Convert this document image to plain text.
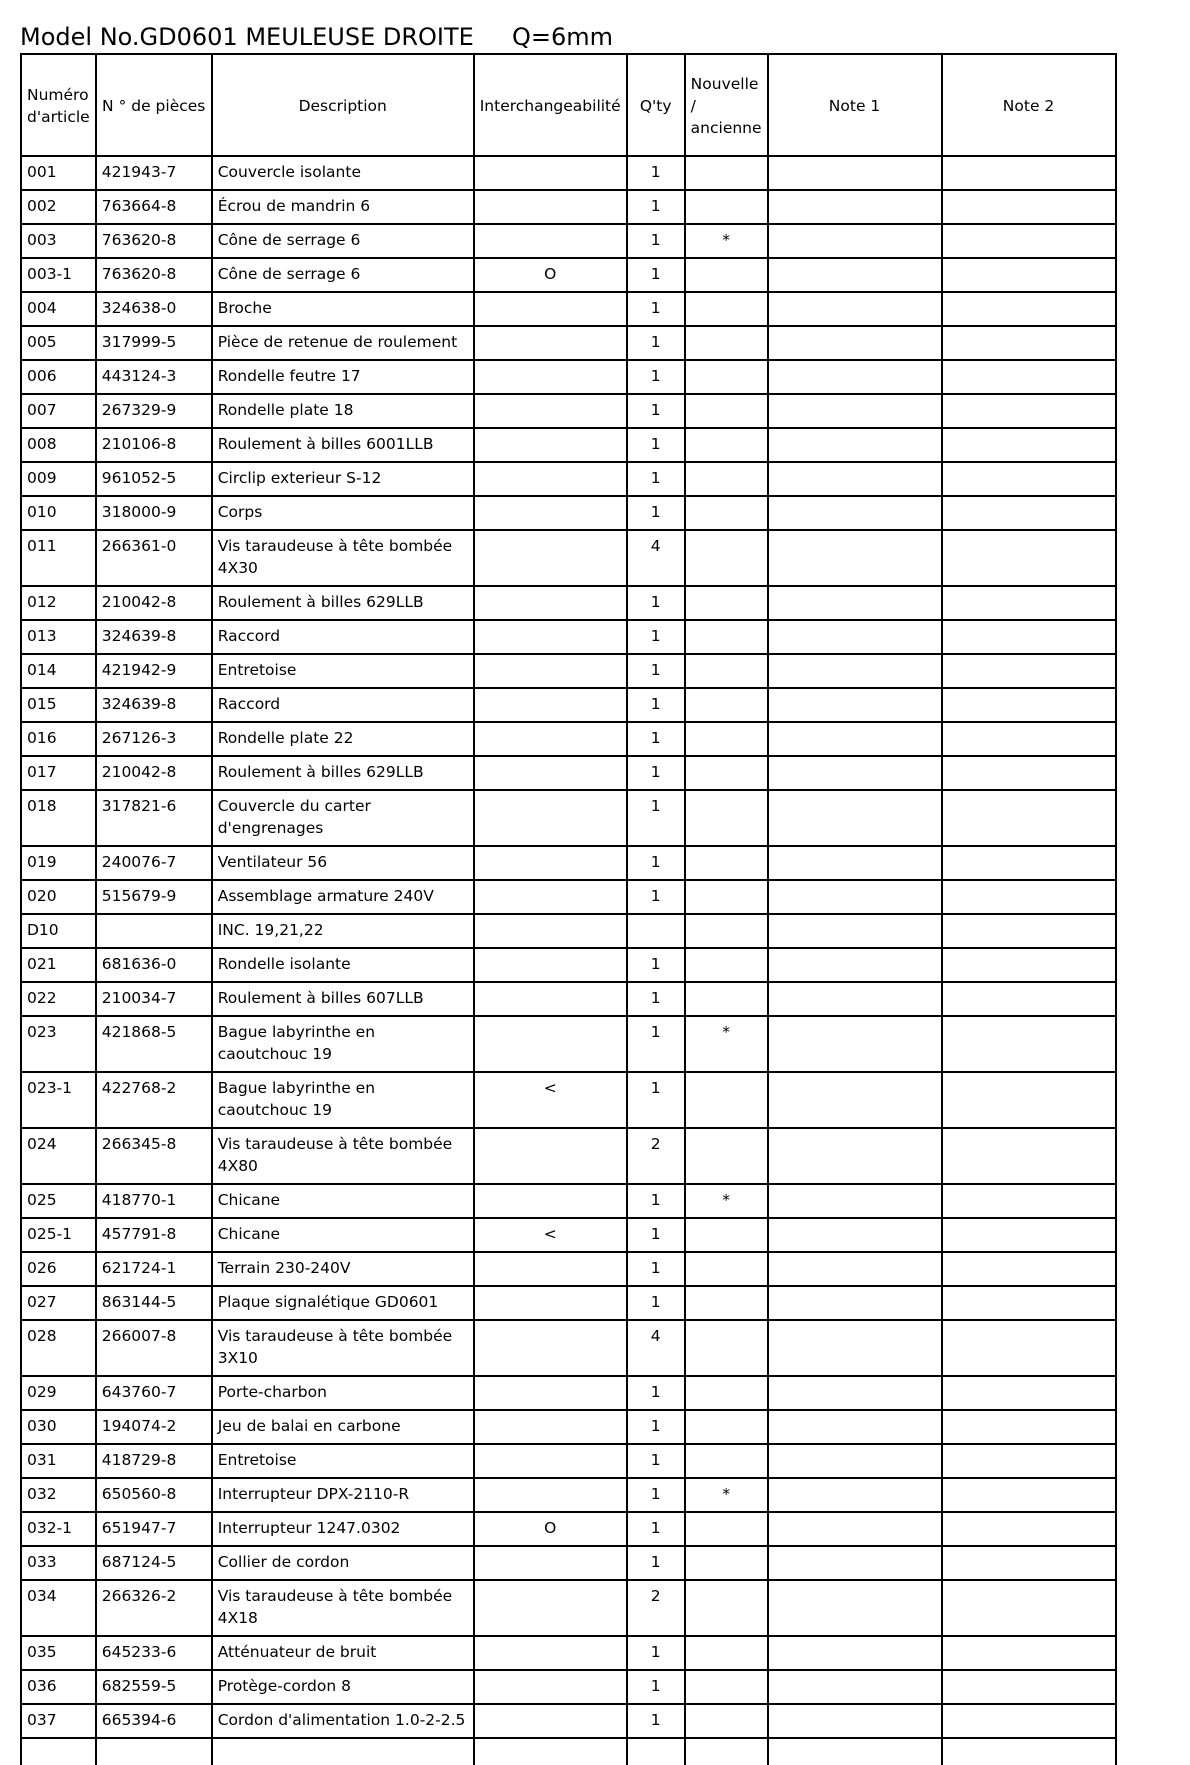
Model No.GD0601 MEULEUSE DROITE     Q=6mm
Numéro d'article	N ° de pièces	Description	Interchangeabilité	Q'ty	Nouvelle / ancienne	Note 1	Note 2
001	421943-7	Couvercle isolante		1			
002	763664-8	Écrou de mandrin 6		1			
003	763620-8	Cône de serrage 6		1	*		
003-1	763620-8	Cône de serrage 6	O	1			
004	324638-0	Broche		1			
005	317999-5	Pièce de retenue de roulement		1			
006	443124-3	Rondelle feutre 17		1			
007	267329-9	Rondelle plate 18		1			
008	210106-8	Roulement à billes 6001LLB		1			
009	961052-5	Circlip exterieur S-12		1			
010	318000-9	Corps		1			
011	266361-0	Vis taraudeuse à tête bombée 4X30		4			
012	210042-8	Roulement à billes 629LLB		1			
013	324639-8	Raccord		1			
014	421942-9	Entretoise		1			
015	324639-8	Raccord		1			
016	267126-3	Rondelle plate 22		1			
017	210042-8	Roulement à billes 629LLB		1			
018	317821-6	Couvercle du carter d'engrenages		1			
019	240076-7	Ventilateur 56		1			
020	515679-9	Assemblage armature 240V		1			
D10		INC. 19,21,22					
021	681636-0	Rondelle isolante		1			
022	210034-7	Roulement à billes 607LLB		1			
023	421868-5	Bague labyrinthe en caoutchouc 19		1	*		
023-1	422768-2	Bague labyrinthe en caoutchouc 19	<	1			
024	266345-8	Vis taraudeuse à tête bombée 4X80		2			
025	418770-1	Chicane		1	*		
025-1	457791-8	Chicane	<	1			
026	621724-1	Terrain 230-240V		1			
027	863144-5	Plaque signalétique GD0601		1			
028	266007-8	Vis taraudeuse à tête bombée 3X10		4			
029	643760-7	Porte-charbon		1			
030	194074-2	Jeu de balai en carbone		1			
031	418729-8	Entretoise		1			
032	650560-8	Interrupteur DPX-2110-R		1	*		
032-1	651947-7	Interrupteur 1247.0302	O	1			
033	687124-5	Collier de cordon		1			
034	266326-2	Vis taraudeuse à tête bombée 4X18		2			
035	645233-6	Atténuateur de bruit		1			
036	682559-5	Protège-cordon 8		1			
037	665394-6	Cordon d'alimentation 1.0-2-2.5		1			
